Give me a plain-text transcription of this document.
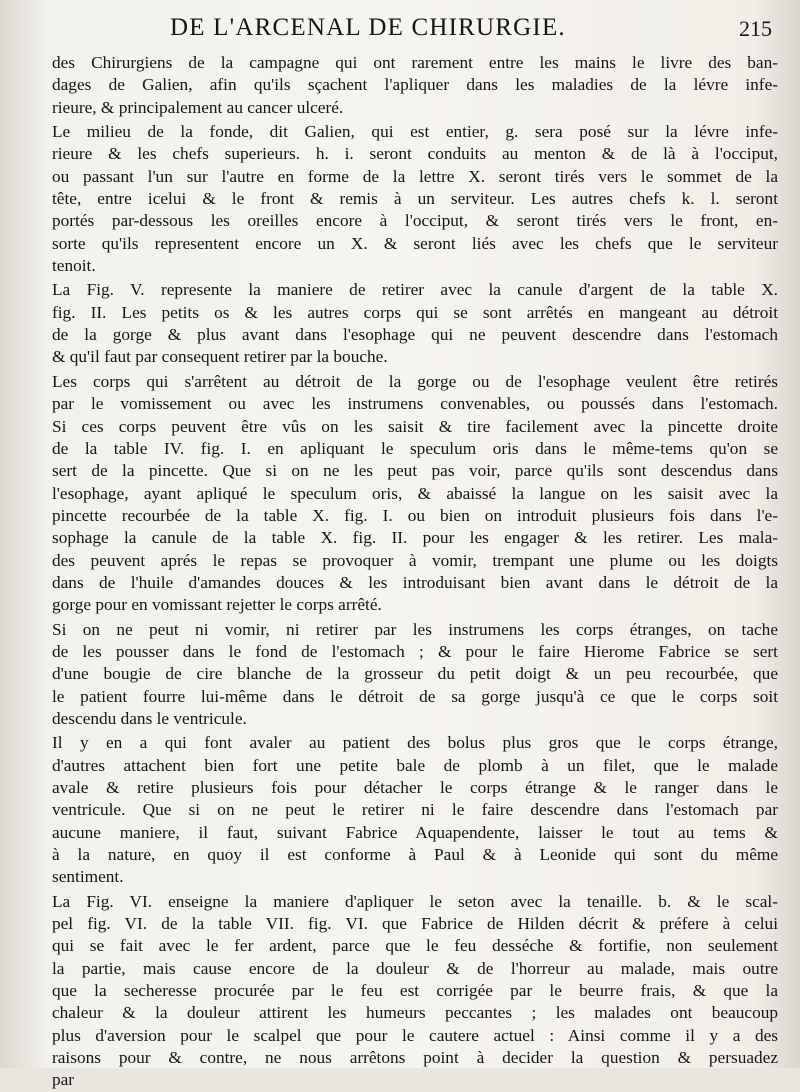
DE L'ARCENAL DE CHIRURGIE.	215

des Chirurgiens de la campagne qui ont rarement entre les mains le livre des ban-
dages de Galien, afin qu'ils sçachent l'apliquer dans les maladies de la lévre infe-
rieure, & principalement au cancer ulceré.

Le milieu de la fonde, dit Galien, qui est entier, g. sera posé sur la lévre infe-
rieure & les chefs superieurs. h. i. seront conduits au menton & de là à l'occiput,
ou passant l'un sur l'autre en forme de la lettre X. seront tirés vers le sommet de la
tête, entre icelui & le front & remis à un serviteur. Les autres chefs k. l. seront
portés par-dessous les oreilles encore à l'occiput, & seront tirés vers le front, en-
sorte qu'ils representent encore un X. & seront liés avec les chefs que le serviteur
tenoit.

La Fig. V. represente la maniere de retirer avec la canule d'argent de la table X.
fig. II. Les petits os & les autres corps qui se sont arrêtés en mangeant au détroit
de la gorge & plus avant dans l'esophage qui ne peuvent descendre dans l'estomach
& qu'il faut par consequent retirer par la bouche.

Les corps qui s'arrêtent au détroit de la gorge ou de l'esophage veulent être retirés
par le vomissement ou avec les instrumens convenables, ou poussés dans l'estomach.
Si ces corps peuvent être vûs on les saisit & tire facilement avec la pincette droite
de la table IV. fig. I. en apliquant le speculum oris dans le même-tems qu'on se
sert de la pincette. Que si on ne les peut pas voir, parce qu'ils sont descendus dans
l'esophage, ayant apliqué le speculum oris, & abaissé la langue on les saisit avec la
pincette recourbée de la table X. fig. I. ou bien on introduit plusieurs fois dans l'e-
sophage la canule de la table X. fig. II. pour les engager & les retirer. Les mala-
des peuvent aprés le repas se provoquer à vomir, trempant une plume ou les doigts
dans de l'huile d'amandes douces & les introduisant bien avant dans le détroit de la
gorge pour en vomissant rejetter le corps arrêté.

Si on ne peut ni vomir, ni retirer par les instrumens les corps étranges, on tache
de les pousser dans le fond de l'estomach ; & pour le faire Hierome Fabrice se sert
d'une bougie de cire blanche de la grosseur du petit doigt & un peu recourbée, que
le patient fourre lui-même dans le détroit de sa gorge jusqu'à ce que le corps soit
descendu dans le ventricule.

Il y en a qui font avaler au patient des bolus plus gros que le corps étrange,
d'autres attachent bien fort une petite bale de plomb à un filet, que le malade
avale & retire plusieurs fois pour détacher le corps étrange & le ranger dans le
ventricule. Que si on ne peut le retirer ni le faire descendre dans l'estomach par
aucune maniere, il faut, suivant Fabrice Aquapendente, laisser le tout au tems &
à la nature, en quoy il est conforme à Paul & à Leonide qui sont du même
sentiment.

La Fig. VI. enseigne la maniere d'apliquer le seton avec la tenaille. b. & le scal-
pel fig. VI. de la table VII. fig. VI. que Fabrice de Hilden décrit & préfere à celui
qui se fait avec le fer ardent, parce que le feu desséche & fortifie, non seulement
la partie, mais cause encore de la douleur & de l'horreur au malade, mais outre
que la secheresse procurée par le feu est corrigée par le beurre frais, & que la
chaleur & la douleur attirent les humeurs peccantes ; les malades ont beaucoup
plus d'aversion pour le scalpel que pour le cautere actuel : Ainsi comme il y a des
raisons pour & contre, ne nous arrêtons point à decider la question & persuadez
par
